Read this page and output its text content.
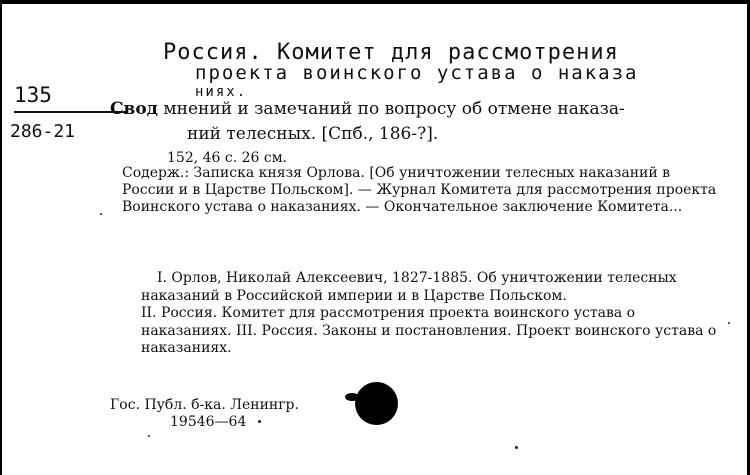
Россия. Комитет для рассмотрения
проекта воинского устава о наказа
ниях.
135
286-21
Свод мнений и замечаний по вопросу об отмене наказа-
ний телесных. [Спб., 186-?].
152, 46 с. 26 см.
Содерж.: Записка князя Орлова. [Об уничтожении телесных наказаний в России и в Царстве Польском]. — Журнал Комитета для рассмотрения проекта Воинского устава о наказаниях. — Окончательное заключение Комитета...
I. Орлов, Николай Алексеевич, 1827-1885. Об уничтожении телесных наказаний в Российской империи и в Царстве Польском.
II. Россия. Комитет для рассмотрения проекта воинского устава о наказаниях. III. Россия. Законы и постановления. Проект воинского устава о наказаниях.
Гос. Публ. б-ка. Ленингр.
19546—64
